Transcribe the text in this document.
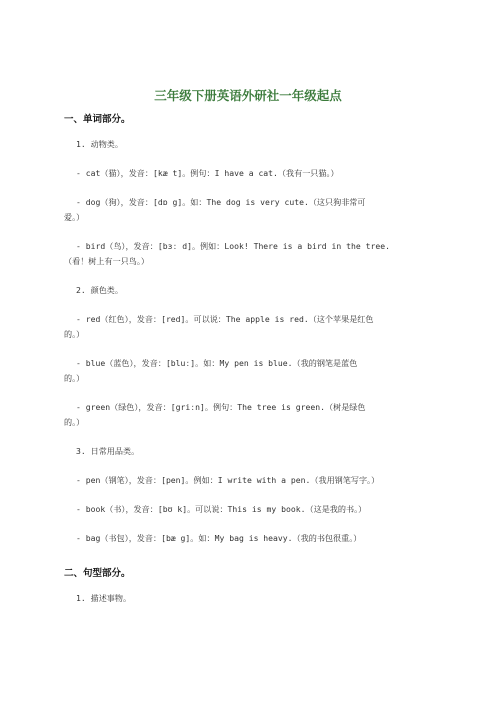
三年级下册英语外研社一年级起点
一、单词部分。
1. 动物类。
- cat（猫），发音：[kæ t]。例句：I have a cat.（我有一只猫。）
- dog（狗），发音：[dɒ g]。如：The dog is very cute.（这只狗非常可
爱。）
- bird（鸟），发音：[bɜː d]。例如：Look! There is a bird in the tree.
（看！树上有一只鸟。）
2. 颜色类。
- red（红色），发音：[red]。可以说：The apple is red.（这个苹果是红色
的。）
- blue（蓝色），发音：[bluː]。如：My pen is blue.（我的钢笔是蓝色
的。）
- green（绿色），发音：[griːn]。例句：The tree is green.（树是绿色
的。）
3. 日常用品类。
- pen（钢笔），发音：[pen]。例如：I write with a pen.（我用钢笔写字。）
- book（书），发音：[bʊ k]。可以说：This is my book.（这是我的书。）
- bag（书包），发音：[bæ g]。如：My bag is heavy.（我的书包很重。）
二、句型部分。
1. 描述事物。
